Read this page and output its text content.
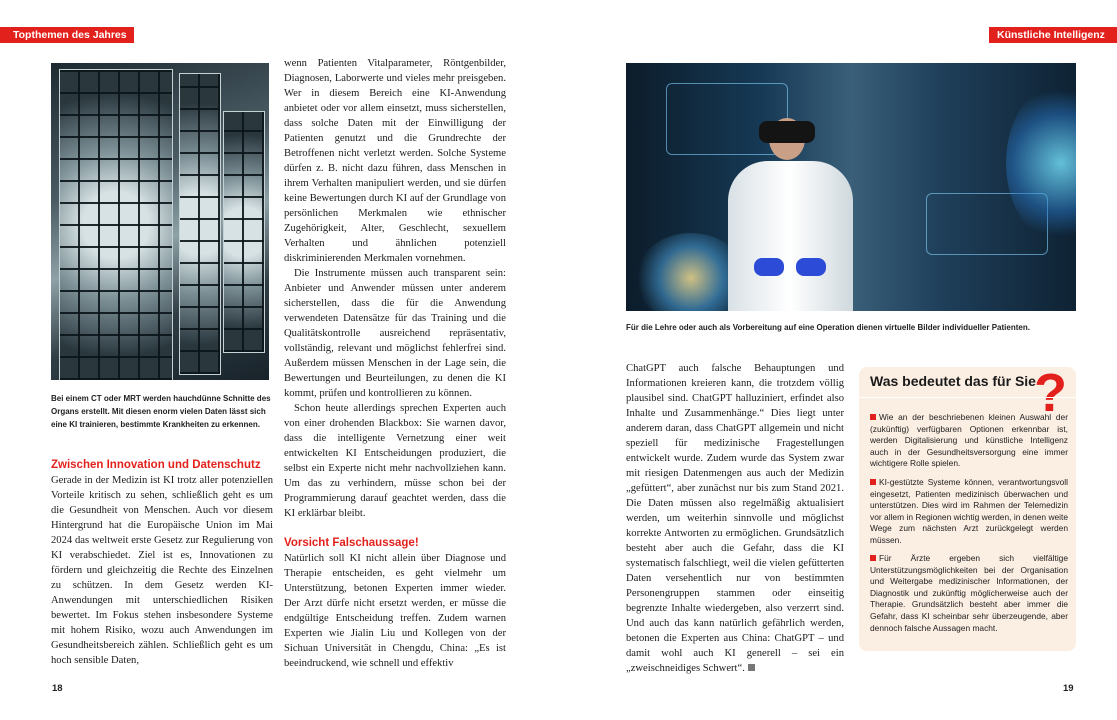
Topthemen des Jahres	Künstliche Intelligenz
Bei einem CT oder MRT werden hauchdünne Schnitte des Organs erstellt. Mit diesen enorm vielen Daten lässt sich eine KI trainieren, bestimmte Krankheiten zu erkennen.
Zwischen Innovation und Datenschutz

Gerade in der Medizin ist KI trotz aller potenziellen Vorteile kritisch zu sehen, schließlich geht es um die Gesundheit von Menschen. Auch vor diesem Hintergrund hat die Europäische Union im Mai 2024 das weltweit erste Gesetz zur Regulierung von KI verabschiedet. Ziel ist es, Innovationen zu fördern und gleichzeitig die Rechte des Einzelnen zu schützen. In dem Gesetz werden KI-Anwendungen mit unterschiedlichen Risiken bewertet. Im Fokus stehen insbesondere Systeme mit hohem Risiko, wozu auch Anwendungen im Gesundheitsbereich zählen. Schließlich geht es um hoch sensible Daten,

wenn Patienten Vitalparameter, Röntgenbilder, Diagnosen, Laborwerte und vieles mehr preisgeben. Wer in diesem Bereich eine KI-Anwendung anbietet oder vor allem einsetzt, muss sicherstellen, dass solche Daten mit der Einwilligung der Patienten genutzt und die Grundrechte der Betroffenen nicht verletzt werden. Solche Systeme dürfen z. B. nicht dazu führen, dass Menschen in ihrem Verhalten manipuliert werden, und sie dürfen keine Bewertungen durch KI auf der Grundlage von persönlichen Merkmalen wie ethnischer Zugehörigkeit, Alter, Geschlecht, sexuellem Verhalten und ähnlichen potenziell diskriminierenden Merkmalen vornehmen.

Die Instrumente müssen auch transparent sein: Anbieter und Anwender müssen unter anderem sicherstellen, dass die für die Anwendung verwendeten Datensätze für das Training und die Qualitätskontrolle ausreichend repräsentativ, vollständig, relevant und möglichst fehlerfrei sind. Außerdem müssen Menschen in der Lage sein, die Bewertungen und Beurteilungen, zu denen die KI kommt, prüfen und kontrollieren zu können.

Schon heute allerdings sprechen Experten auch von einer drohenden Blackbox: Sie warnen davor, dass die intelligente Vernetzung einer weit entwickelten KI Entscheidungen produziert, die selbst ein Experte nicht mehr nachvollziehen kann. Um das zu verhindern, müsse schon bei der Programmierung darauf geachtet werden, dass die KI erklärbar bleibt.

Vorsicht Falschaussage!

Natürlich soll KI nicht allein über Diagnose und Therapie entscheiden, es geht vielmehr um Unterstützung, betonen Experten immer wieder. Der Arzt dürfe nicht ersetzt werden, er müsse die endgültige Entscheidung treffen. Zudem warnen Experten wie Jialin Liu und Kollegen von der Sichuan Universität in Chengdu, China: „Es ist beeindruckend, wie schnell und effektiv

18
Für die Lehre oder auch als Vorbereitung auf eine Operation dienen virtuelle Bilder individueller Patienten.

ChatGPT auch falsche Behauptungen und Informationen kreieren kann, die trotzdem völlig plausibel sind. ChatGPT halluziniert, erfindet also Inhalte und Zusammenhänge.“ Dies liegt unter anderem daran, dass ChatGPT allgemein und nicht speziell für medizinische Fragestellungen entwickelt wurde. Zudem wurde das System zwar mit riesigen Datenmengen aus auch der Medizin „gefüttert“, aber zunächst nur bis zum Stand 2021. Die Daten müssen also regelmäßig aktualisiert werden, um weiterhin sinnvolle und möglichst korrekte Antworten zu ermöglichen. Grundsätzlich besteht aber auch die Gefahr, dass die KI systematisch falschliegt, weil die vielen gefütterten Daten versehentlich nur von bestimmten Personengruppen stammen oder einseitig begrenzte Inhalte wiedergeben, also verzerrt sind. Und auch das kann natürlich gefährlich werden, betonen die Experten aus China: ChatGPT – und damit wohl auch KI generell – sei ein „zweischneidiges Schwert“.

Was bedeutet das für Sie
?
Wie an der beschriebenen kleinen Auswahl der (zukünftig) verfügbaren Optionen erkennbar ist, werden Digitalisierung und künstliche Intelligenz auch in der Gesundheitsversorgung eine immer wichtigere Rolle spielen.
KI-gestützte Systeme können, verantwortungsvoll eingesetzt, Patienten medizinisch überwachen und unterstützen. Dies wird im Rahmen der Telemedizin vor allem in Regionen wichtig werden, in denen weite Wege zum nächsten Arzt zurückgelegt werden müssen.
Für Ärzte ergeben sich vielfältige Unterstützungsmöglichkeiten bei der Organisation und Weitergabe medizinischer Informationen, der Diagnostik und zukünftig möglicherweise auch der Therapie. Grundsätzlich besteht aber immer die Gefahr, dass KI scheinbar sehr überzeugende, aber dennoch falsche Aussagen macht.
19
